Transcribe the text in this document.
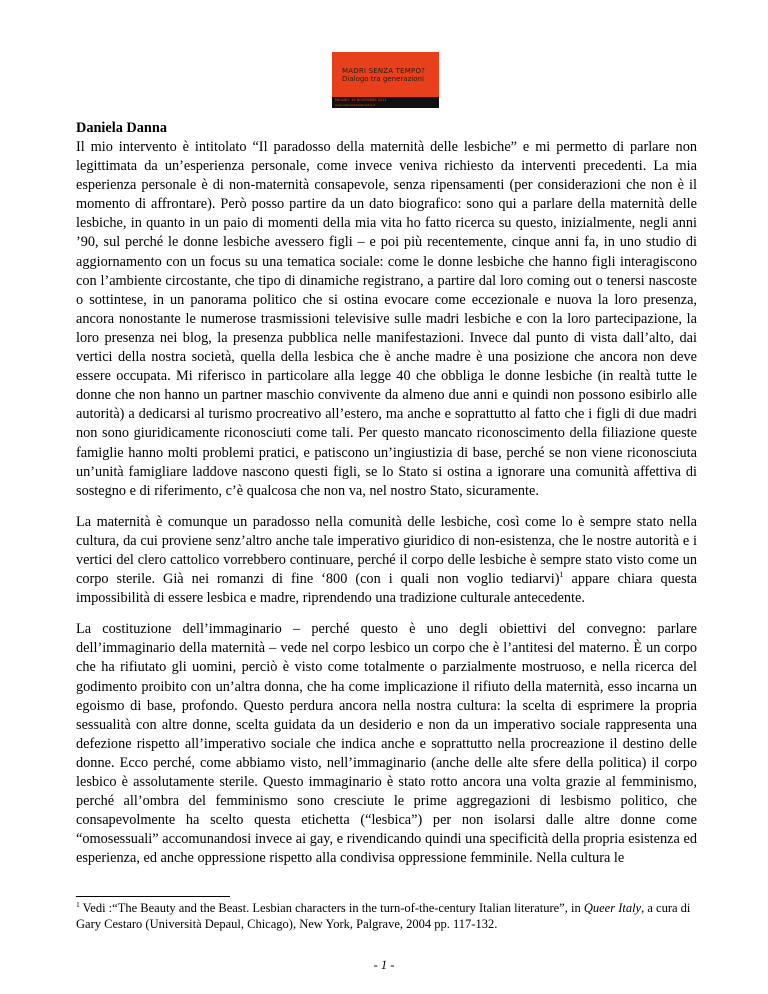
MADRI SENZA TEMPO?
Dialogo tra generazioni
MILANO, 19 NOVEMBRE 2011
www.lastradadellamadre.it

Daniela Danna

Il mio intervento è intitolato “Il paradosso della maternità delle lesbiche” e mi permetto di parlare non legittimata da un’esperienza personale, come invece veniva richiesto da interventi precedenti. La mia esperienza personale è di non-maternità consapevole, senza ripensamenti (per considerazioni che non è il momento di affrontare). Però posso partire da un dato biografico: sono qui a parlare della maternità delle lesbiche, in quanto in un paio di momenti della mia vita ho fatto ricerca su questo, inizialmente, negli anni ’90, sul perché le donne lesbiche avessero figli – e poi più recentemente, cinque anni fa, in uno studio di aggiornamento con un focus su una tematica sociale: come le donne lesbiche che hanno figli interagiscono con l’ambiente circostante, che tipo di dinamiche registrano, a partire dal loro coming out o tenersi nascoste o sottintese, in un panorama politico che si ostina evocare come eccezionale e nuova la loro presenza, ancora nonostante le numerose trasmissioni televisive sulle madri lesbiche e con la loro partecipazione, la loro presenza nei blog, la presenza pubblica nelle manifestazioni. Invece dal punto di vista dall’alto, dai vertici della nostra società, quella della lesbica che è anche madre è una posizione che ancora non deve essere occupata. Mi riferisco in particolare alla legge 40 che obbliga le donne lesbiche (in realtà tutte le donne che non hanno un partner maschio convivente da almeno due anni e quindi non possono esibirlo alle autorità) a dedicarsi al turismo procreativo all’estero, ma anche e soprattutto al fatto che i figli di due madri non sono giuridicamente riconosciuti come tali. Per questo mancato riconoscimento della filiazione queste famiglie hanno molti problemi pratici, e patiscono un’ingiustizia di base, perché se non viene riconosciuta un’unità famigliare laddove nascono questi figli, se lo Stato si ostina a ignorare una comunità affettiva di sostegno e di riferimento, c’è qualcosa che non va, nel nostro Stato, sicuramente.

La maternità è comunque un paradosso nella comunità delle lesbiche, così come lo è sempre stato nella cultura, da cui proviene senz’altro anche tale imperativo giuridico di non-esistenza, che le nostre autorità e i vertici del clero cattolico vorrebbero continuare, perché il corpo delle lesbiche è sempre stato visto come un corpo sterile. Già nei romanzi di fine ‘800 (con i quali non voglio tediarvi)$^1$ appare chiara questa impossibilità di essere lesbica e madre, riprendendo una tradizione culturale antecedente.

La costituzione dell’immaginario – perché questo è uno degli obiettivi del convegno: parlare dell’immaginario della maternità – vede nel corpo lesbico un corpo che è l’antitesi del materno. È un corpo che ha rifiutato gli uomini, perciò è visto come totalmente o parzialmente mostruoso, e nella ricerca del godimento proibito con un’altra donna, che ha come implicazione il rifiuto della maternità, esso incarna un egoismo di base, profondo. Questo perdura ancora nella nostra cultura: la scelta di esprimere la propria sessualità con altre donne, scelta guidata da un desiderio e non da un imperativo sociale rappresenta una defezione rispetto all’imperativo sociale che indica anche e soprattutto nella procreazione il destino delle donne. Ecco perché, come abbiamo visto, nell’immaginario (anche delle alte sfere della politica) il corpo lesbico è assolutamente sterile. Questo immaginario è stato rotto ancora una volta grazie al femminismo, perché all’ombra del femminismo sono cresciute le prime aggregazioni di lesbismo politico, che consapevolmente ha scelto questa etichetta (“lesbica”) per non isolarsi dalle altre donne come “omosessuali” accomunandosi invece ai gay, e rivendicando quindi una specificità della propria esistenza ed esperienza, ed anche oppressione rispetto alla condivisa oppressione femminile. Nella cultura le

$^1$ Vedi :“The Beauty and the Beast. Lesbian characters in the turn-of-the-century Italian literature”, in Queer Italy, a cura di Gary Cestaro (Università Depaul, Chicago), New York, Palgrave, 2004 pp. 117-132.
- 1 -
